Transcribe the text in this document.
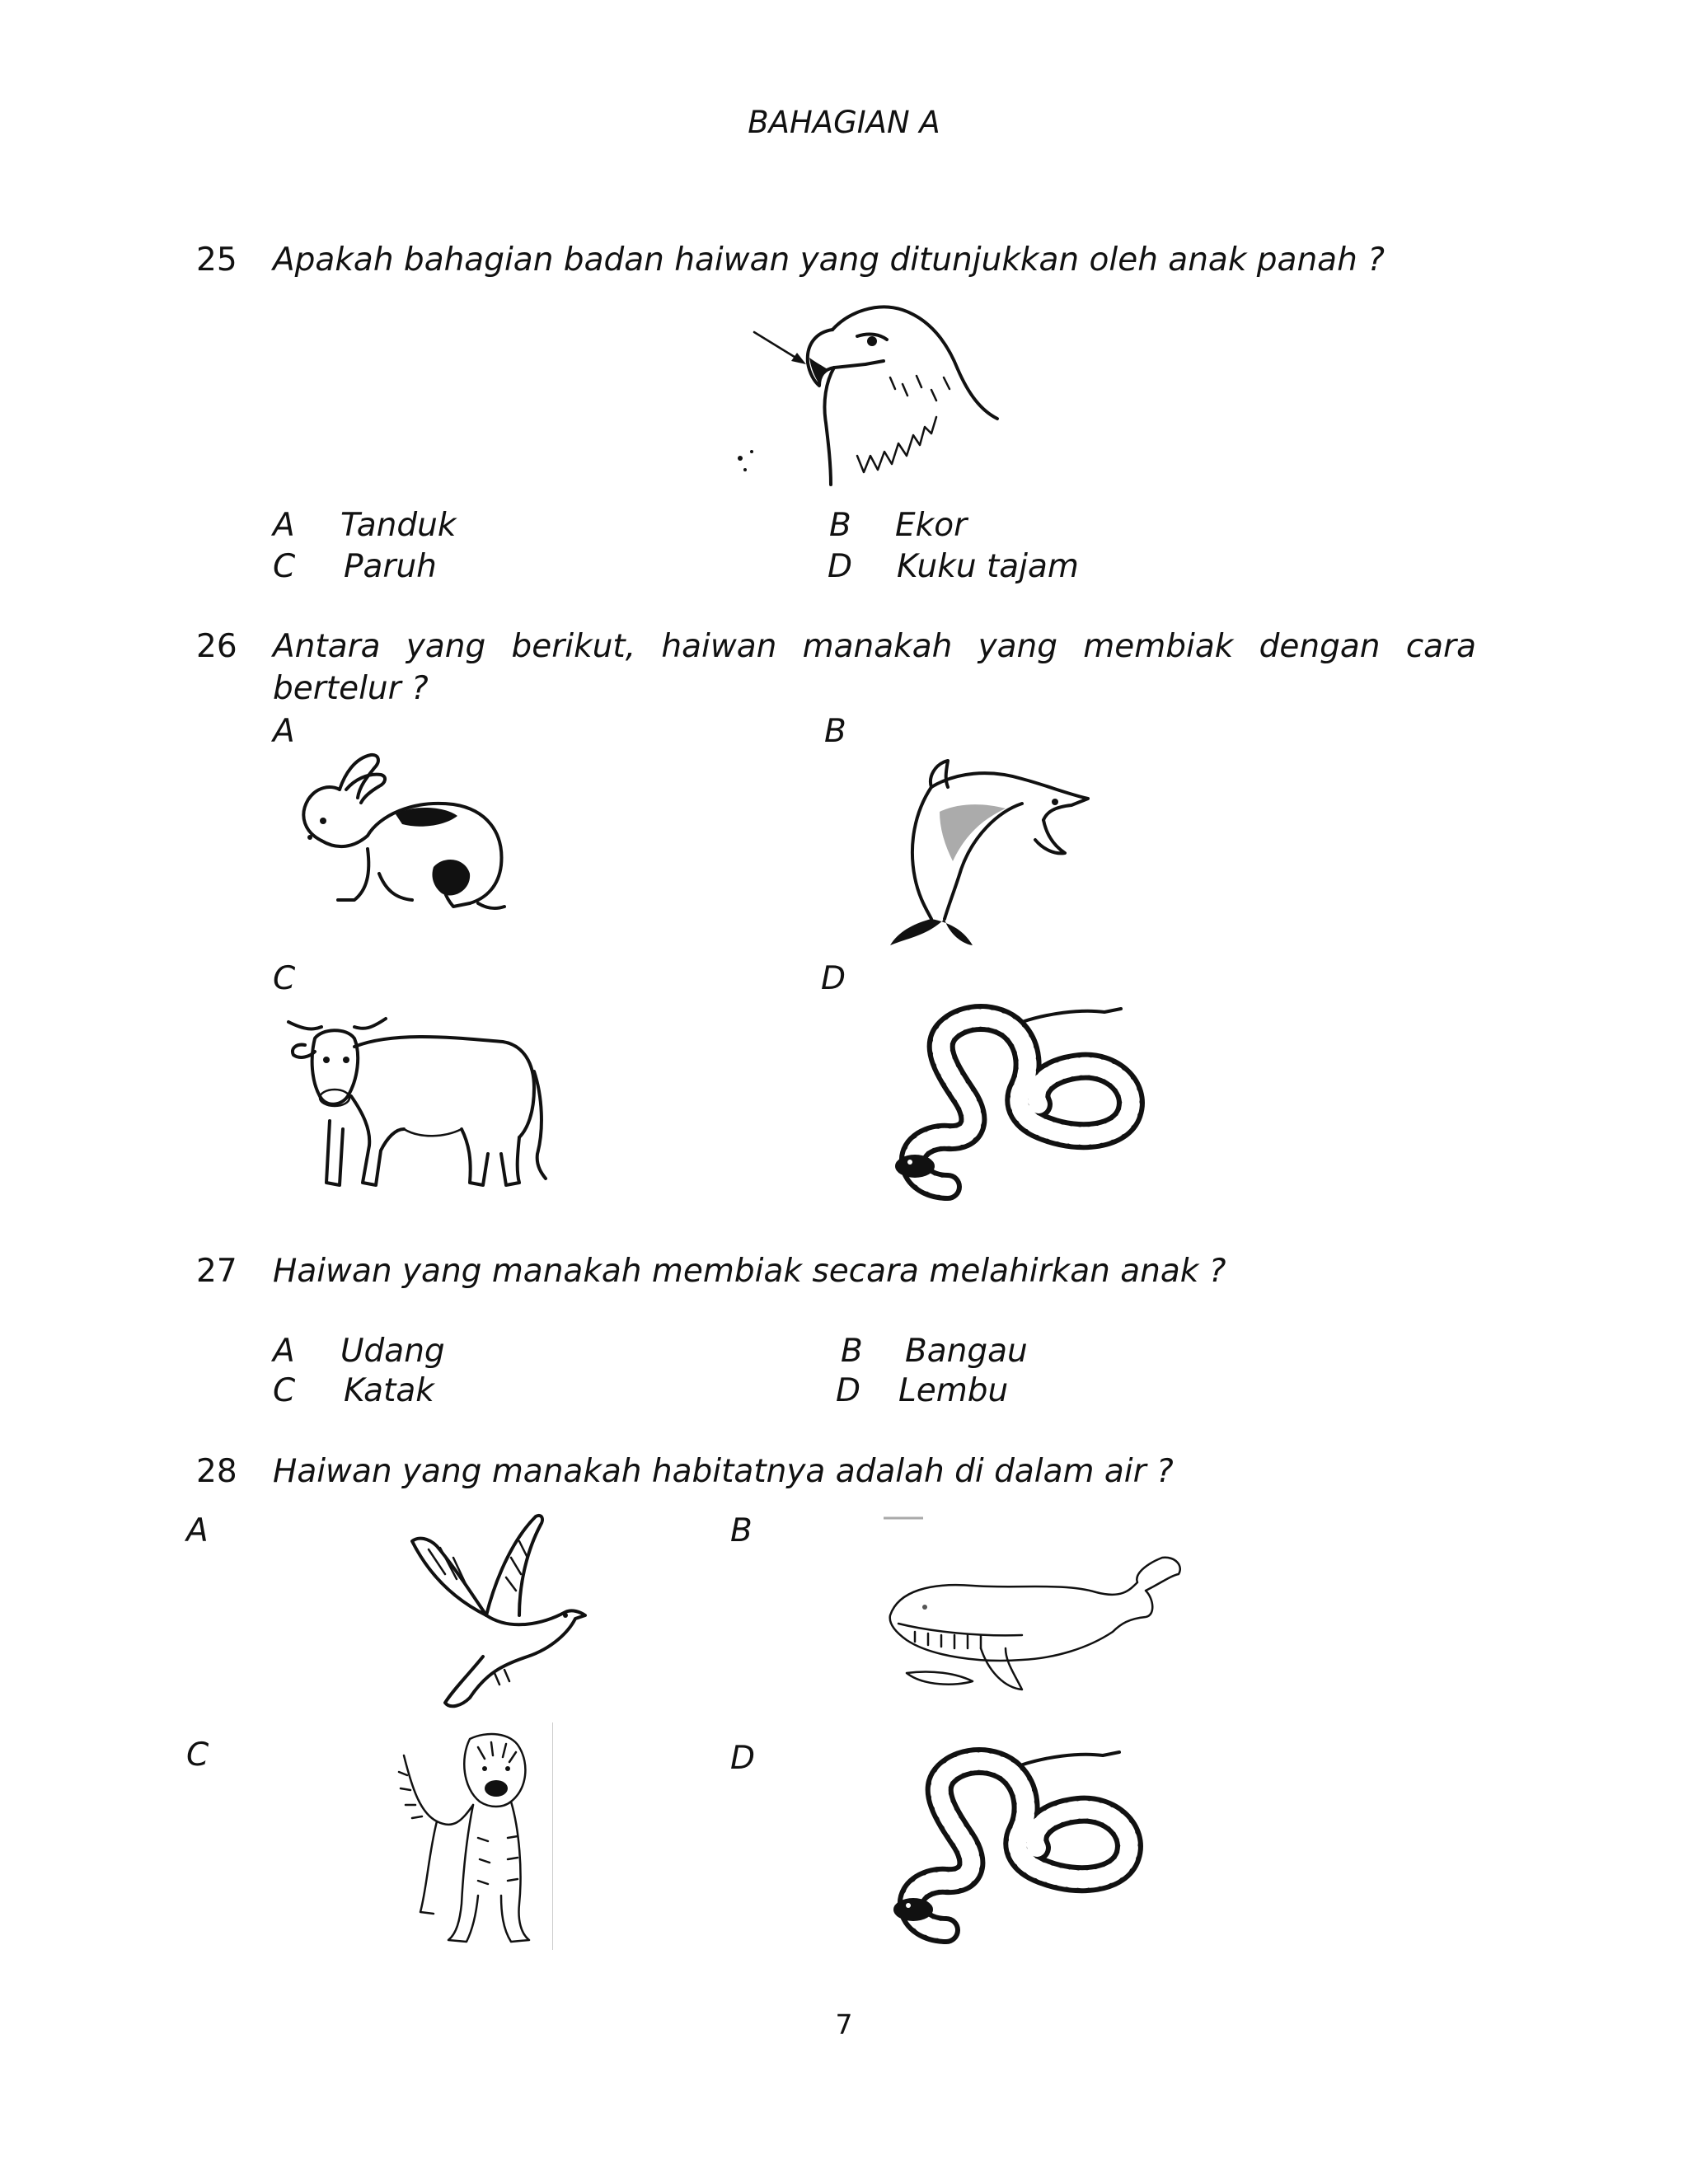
BAHAGIAN A
25 Apakah bahagian badan haiwan yang ditunjukkan oleh anak panah ?
A Tanduk	B Ekor
C Paruh	D Kuku tajam
26 Antara yang berikut, haiwan manakah yang membiak dengan cara
bertelur ?
A	B
C	D
27 Haiwan yang manakah membiak secara melahirkan anak ?
A Udang	B Bangau
C Katak	D Lembu
28 Haiwan yang manakah habitatnya adalah di dalam air ?
A	B
C	D
7
